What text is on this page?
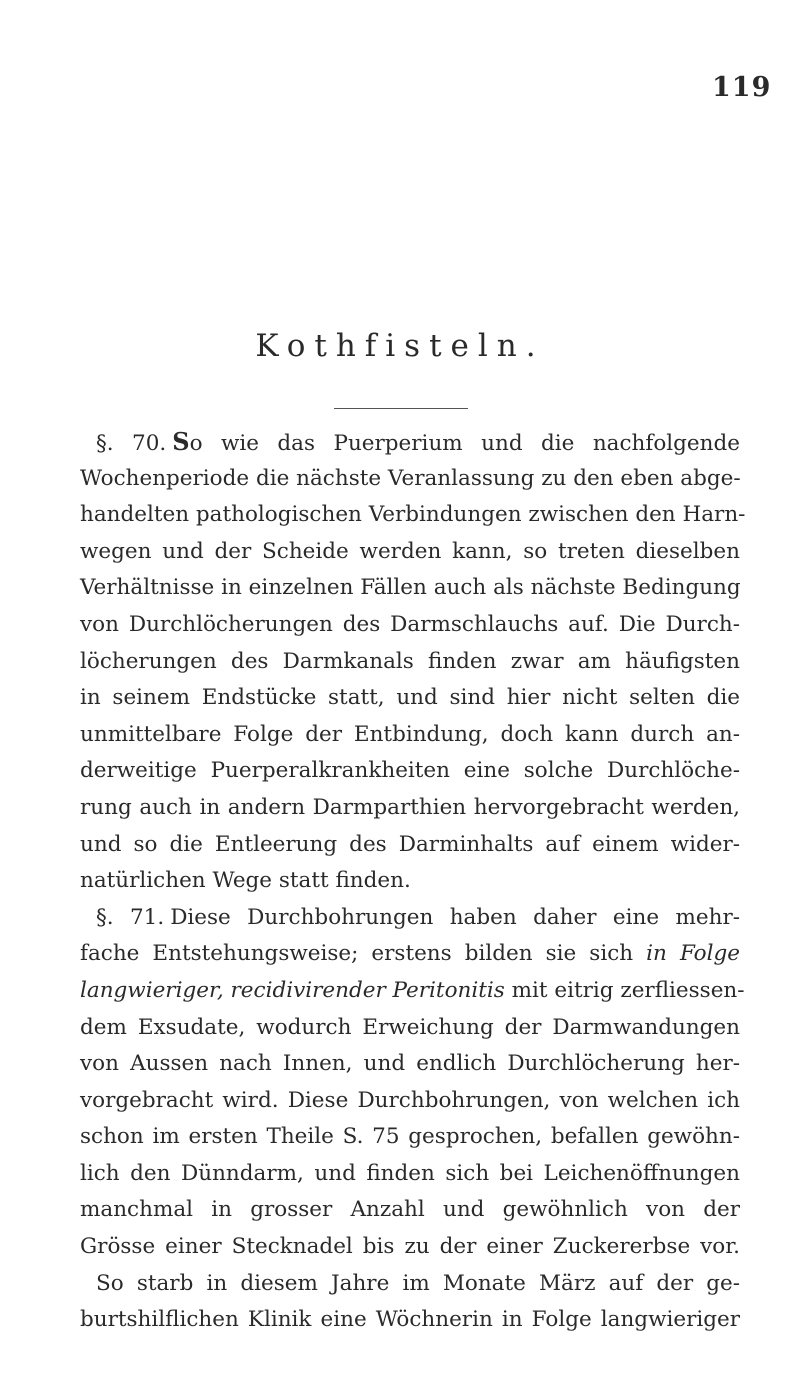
119
Kothfisteln.
§. 70. So wie das Puerperium und die nachfolgende
Wochenperiode die nächste Veranlassung zu den eben abge-
handelten pathologischen Verbindungen zwischen den Harn-
wegen und der Scheide werden kann, so treten dieselben
Verhältnisse in einzelnen Fällen auch als nächste Bedingung
von Durchlöcherungen des Darmschlauchs auf. Die Durch-
löcherungen des Darmkanals finden zwar am häufigsten
in seinem Endstücke statt, und sind hier nicht selten die
unmittelbare Folge der Entbindung, doch kann durch an-
derweitige Puerperalkrankheiten eine solche Durchlöche-
rung auch in andern Darmparthien hervorgebracht werden,
und so die Entleerung des Darminhalts auf einem wider-
natürlichen Wege statt finden.
§. 71. Diese Durchbohrungen haben daher eine mehr-
fache Entstehungsweise; erstens bilden sie sich in Folge
langwieriger, recidivirender Peritonitis mit eitrig zerfliessen-
dem Exsudate, wodurch Erweichung der Darmwandungen
von Aussen nach Innen, und endlich Durchlöcherung her-
vorgebracht wird. Diese Durchbohrungen, von welchen ich
schon im ersten Theile S. 75 gesprochen, befallen gewöhn-
lich den Dünndarm, und finden sich bei Leichenöffnungen
manchmal in grosser Anzahl und gewöhnlich von der
Grösse einer Stecknadel bis zu der einer Zuckererbse vor.
So starb in diesem Jahre im Monate März auf der ge-
burtshilflichen Klinik eine Wöchnerin in Folge langwieriger
